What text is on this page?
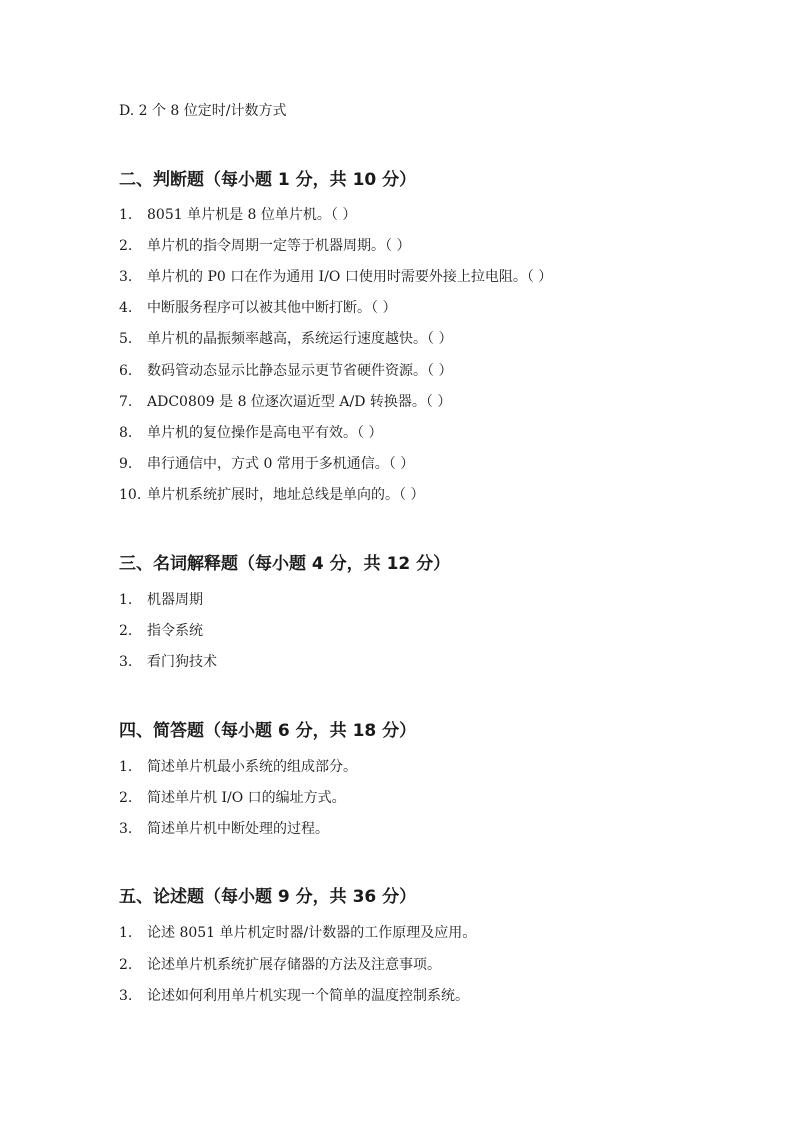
D. 2 个 8 位定时/计数方式
二、判断题（每小题 1 分，共 10 分）
1. 8051 单片机是 8 位单片机。（ ）
2. 单片机的指令周期一定等于机器周期。（ ）
3. 单片机的 P0 口在作为通用 I/O 口使用时需要外接上拉电阻。（ ）
4. 中断服务程序可以被其他中断打断。（ ）
5. 单片机的晶振频率越高，系统运行速度越快。（ ）
6. 数码管动态显示比静态显示更节省硬件资源。（ ）
7. ADC0809 是 8 位逐次逼近型 A/D 转换器。（ ）
8. 单片机的复位操作是高电平有效。（ ）
9. 串行通信中，方式 0 常用于多机通信。（ ）
10. 单片机系统扩展时，地址总线是单向的。（ ）
三、名词解释题（每小题 4 分，共 12 分）
1. 机器周期
2. 指令系统
3. 看门狗技术
四、简答题（每小题 6 分，共 18 分）
1. 简述单片机最小系统的组成部分。
2. 简述单片机 I/O 口的编址方式。
3. 简述单片机中断处理的过程。
五、论述题（每小题 9 分，共 36 分）
1. 论述 8051 单片机定时器/计数器的工作原理及应用。
2. 论述单片机系统扩展存储器的方法及注意事项。
3. 论述如何利用单片机实现一个简单的温度控制系统。
